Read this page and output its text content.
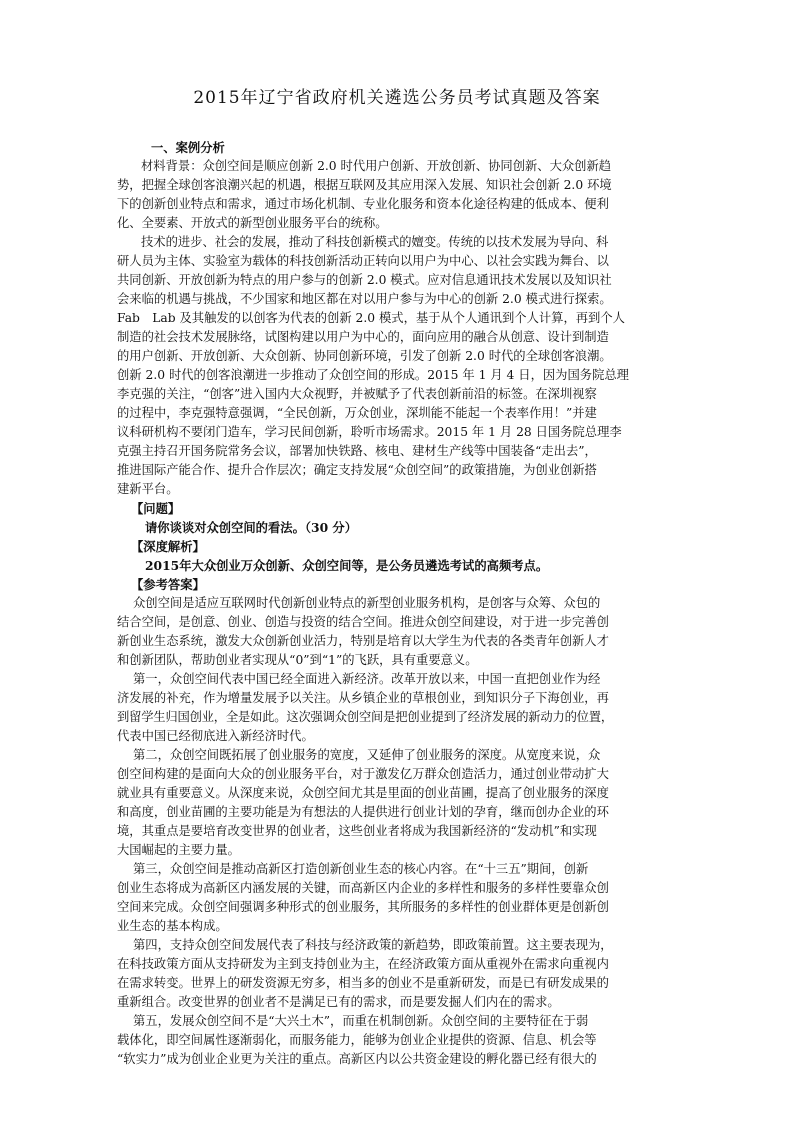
2015年辽宁省政府机关遴选公务员考试真题及答案
一、案例分析
材料背景：众创空间是顺应创新 2.0 时代用户创新、开放创新、协同创新、大众创新趋
势，把握全球创客浪潮兴起的机遇，根据互联网及其应用深入发展、知识社会创新 2.0 环境
下的创新创业特点和需求，通过市场化机制、专业化服务和资本化途径构建的低成本、便利
化、全要素、开放式的新型创业服务平台的统称。
技术的进步、社会的发展，推动了科技创新模式的嬗变。传统的以技术发展为导向、科
研人员为主体、实验室为载体的科技创新活动正转向以用户为中心、以社会实践为舞台、以
共同创新、开放创新为特点的用户参与的创新 2.0 模式。应对信息通讯技术发展以及知识社
会来临的机遇与挑战，不少国家和地区都在对以用户参与为中心的创新 2.0 模式进行探索。
Fab　Lab 及其触发的以创客为代表的创新 2.0 模式，基于从个人通讯到个人计算，再到个人
制造的社会技术发展脉络，试图构建以用户为中心的，面向应用的融合从创意、设计到制造
的用户创新、开放创新、大众创新、协同创新环境，引发了创新 2.0 时代的全球创客浪潮。
创新 2.0 时代的创客浪潮进一步推动了众创空间的形成。2015 年 1 月 4 日，因为国务院总理
李克强的关注，“创客”进入国内大众视野，并被赋予了代表创新前沿的标签。在深圳视察
的过程中，李克强特意强调，“全民创新，万众创业，深圳能不能起一个表率作用！”并建
议科研机构不要闭门造车，学习民间创新，聆听市场需求。2015 年 1 月 28 日国务院总理李
克强主持召开国务院常务会议，部署加快铁路、核电、建材生产线等中国装备“走出去”，
推进国际产能合作、提升合作层次；确定支持发展“众创空间”的政策措施，为创业创新搭
建新平台。
【问题】
请你谈谈对众创空间的看法。（30 分）
【深度解析】
2015年大众创业万众创新、众创空间等，是公务员遴选考试的高频考点。
【参考答案】
众创空间是适应互联网时代创新创业特点的新型创业服务机构，是创客与众筹、众包的
结合空间，是创意、创业、创造与投资的结合空间。推进众创空间建设，对于进一步完善创
新创业生态系统，激发大众创新创业活力，特别是培育以大学生为代表的各类青年创新人才
和创新团队，帮助创业者实现从“0”到“1”的飞跃，具有重要意义。
第一，众创空间代表中国已经全面进入新经济。改革开放以来，中国一直把创业作为经
济发展的补充，作为增量发展予以关注。从乡镇企业的草根创业，到知识分子下海创业，再
到留学生归国创业，全是如此。这次强调众创空间是把创业提到了经济发展的新动力的位置，
代表中国已经彻底进入新经济时代。
第二，众创空间既拓展了创业服务的宽度，又延伸了创业服务的深度。从宽度来说，众
创空间构建的是面向大众的创业服务平台，对于激发亿万群众创造活力，通过创业带动扩大
就业具有重要意义。从深度来说，众创空间尤其是里面的创业苗圃，提高了创业服务的深度
和高度，创业苗圃的主要功能是为有想法的人提供进行创业计划的孕育，继而创办企业的环
境，其重点是要培育改变世界的创业者，这些创业者将成为我国新经济的“发动机”和实现
大国崛起的主要力量。
第三，众创空间是推动高新区打造创新创业生态的核心内容。在“十三五”期间，创新
创业生态将成为高新区内涵发展的关键，而高新区内企业的多样性和服务的多样性要靠众创
空间来完成。众创空间强调多种形式的创业服务，其所服务的多样性的创业群体更是创新创
业生态的基本构成。
第四，支持众创空间发展代表了科技与经济政策的新趋势，即政策前置。这主要表现为，
在科技政策方面从支持研发为主到支持创业为主，在经济政策方面从重视外在需求向重视内
在需求转变。世界上的研发资源无穷多，相当多的创业不是重新研发，而是已有研发成果的
重新组合。改变世界的创业者不是满足已有的需求，而是要发掘人们内在的需求。
第五，发展众创空间不是“大兴土木”，而重在机制创新。众创空间的主要特征在于弱
载体化，即空间属性逐渐弱化，而服务能力，能够为创业企业提供的资源、信息、机会等
“软实力”成为创业企业更为关注的重点。高新区内以公共资金建设的孵化器已经有很大的
